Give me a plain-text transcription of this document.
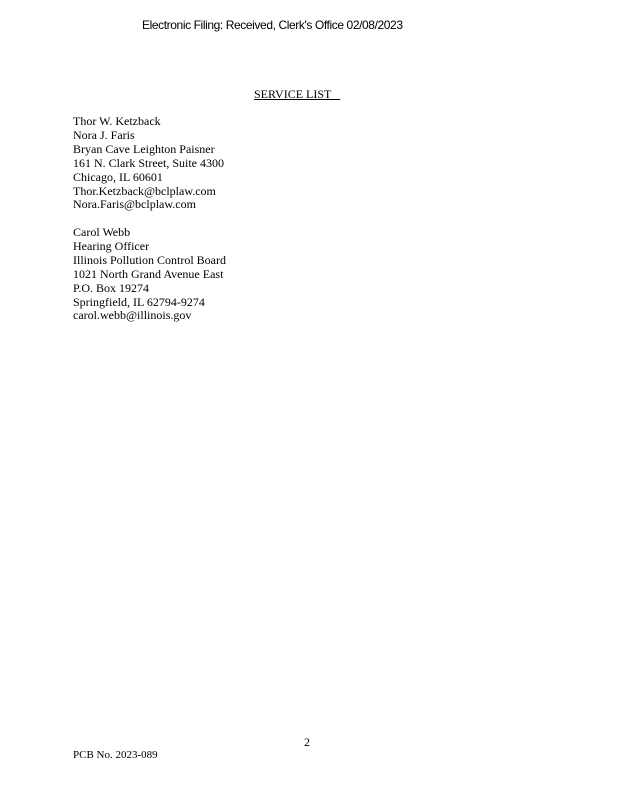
Electronic Filing: Received, Clerk's Office 02/08/2023
SERVICE LIST
Thor W. Ketzback
Nora J. Faris
Bryan Cave Leighton Paisner
161 N. Clark Street, Suite 4300
Chicago, IL 60601
Thor.Ketzback@bclplaw.com
Nora.Faris@bclplaw.com
Carol Webb
Hearing Officer
Illinois Pollution Control Board
1021 North Grand Avenue East
P.O. Box 19274
Springfield, IL 62794-9274
carol.webb@illinois.gov
2
PCB No. 2023-089
